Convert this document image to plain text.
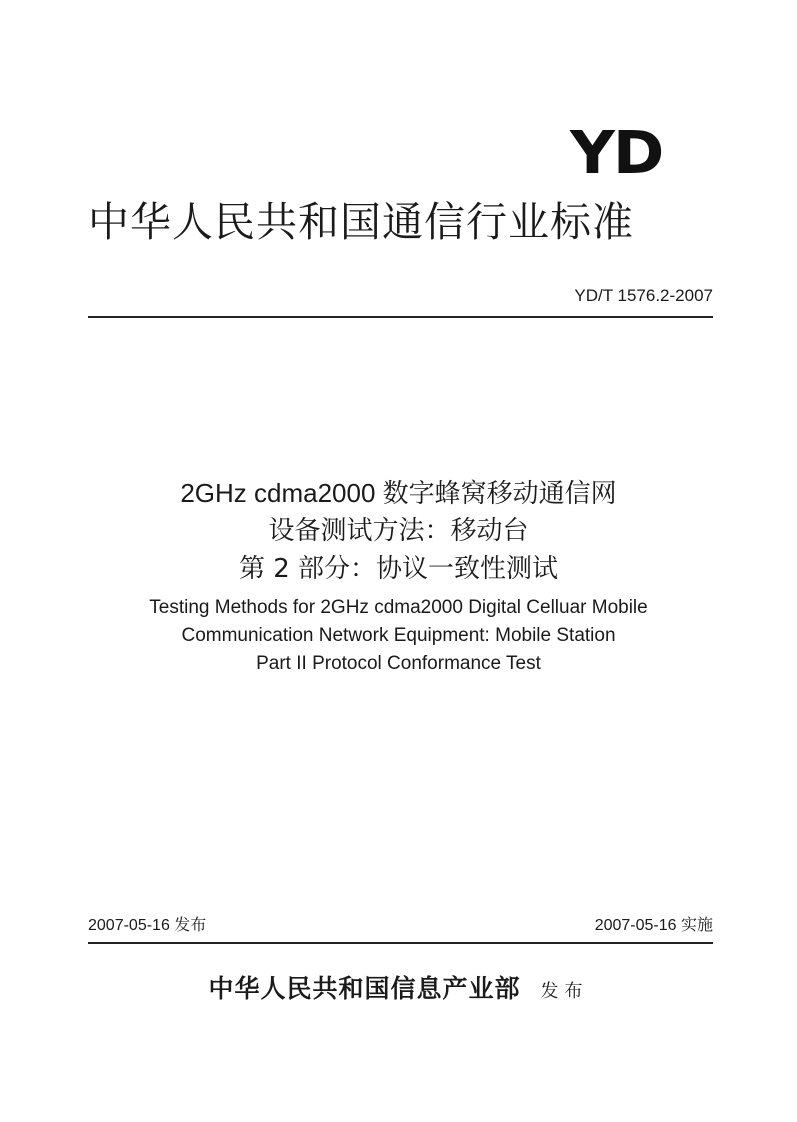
YD
中华人民共和国通信行业标准
YD/T 1576.2-2007
2GHz cdma2000 数字蜂窝移动通信网
设备测试方法：移动台
第 2 部分：协议一致性测试
Testing Methods for 2GHz cdma2000 Digital Celluar Mobile
Communication Network Equipment: Mobile Station
Part II Protocol Conformance Test
2007-05-16 发布	2007-05-16 实施
中华人民共和国信息产业部 发布
